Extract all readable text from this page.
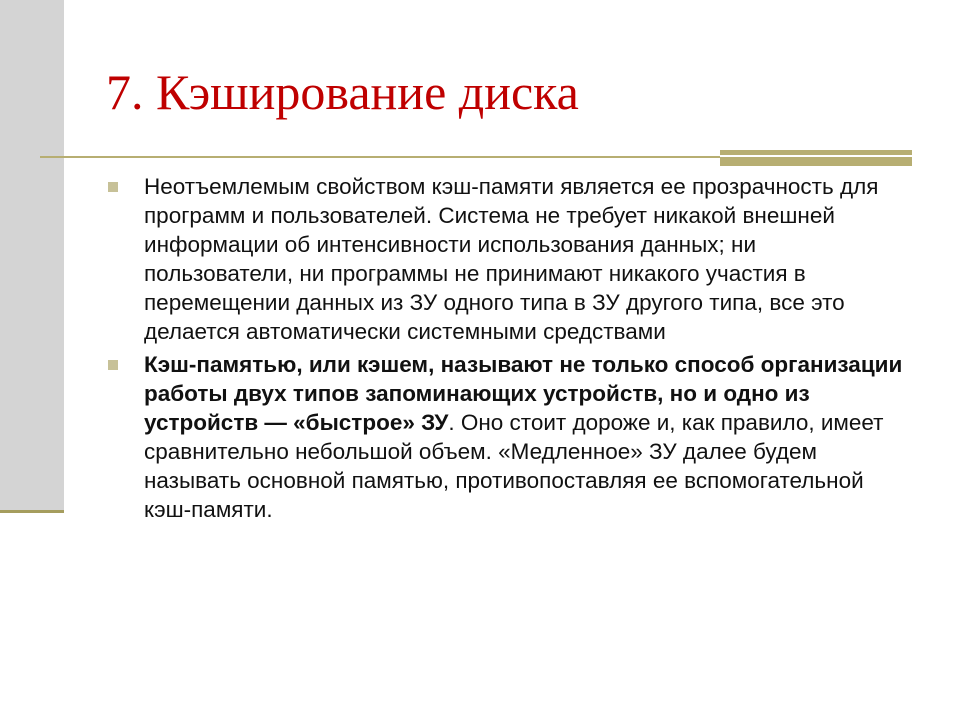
7. Кэширование диска
Неотъемлемым свойством кэш-памяти является ее прозрачность для программ и пользователей. Система не требует никакой внешней информации об интенсивности использования данных; ни пользователи, ни программы не принимают никакого участия в перемещении данных из ЗУ одного типа в ЗУ другого типа, все это делается автоматически системными средствами
Кэш-памятью, или кэшем, называют не только способ организации работы двух типов запоминающих устройств, но и одно из устройств — «быстрое» ЗУ. Оно стоит дороже и, как правило, имеет сравнительно небольшой объем. «Медленное» ЗУ далее будем называть основной памятью, противопоставляя ее вспомогательной кэш-памяти.
